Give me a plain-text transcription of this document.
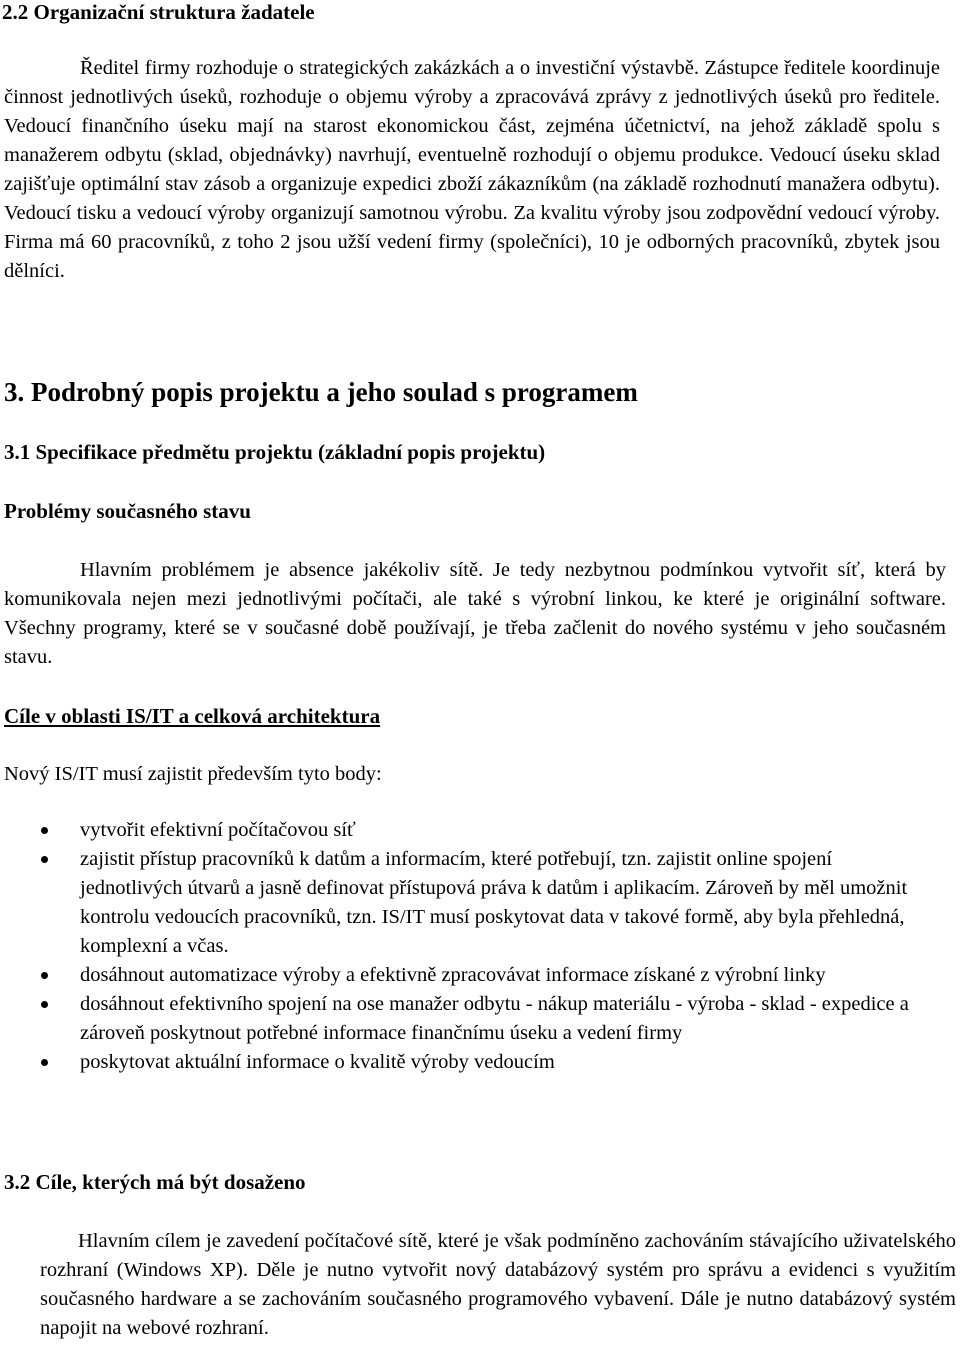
2.2 Organizační struktura žadatele

Ředitel firmy rozhoduje o strategických zakázkách a o investiční výstavbě. Zástupce ředitele koordinuje činnost jednotlivých úseků, rozhoduje o objemu výroby a zpracovává zprávy z jednotlivých úseků pro ředitele. Vedoucí finančního úseku mají na starost ekonomickou část, zejména účetnictví, na jehož základě spolu s manažerem odbytu (sklad, objednávky) navrhují, eventuelně rozhodují o objemu produkce. Vedoucí úseku sklad zajišťuje optimální stav zásob a organizuje expedici zboží zákazníkům (na základě rozhodnutí manažera odbytu). Vedoucí tisku a vedoucí výroby organizují samotnou výrobu. Za kvalitu výroby jsou zodpovědní vedoucí výroby. Firma má 60 pracovníků, z toho 2 jsou užší vedení firmy (společníci), 10 je odborných pracovníků, zbytek jsou dělníci.

3. Podrobný popis projektu a jeho soulad s programem
3.1 Specifikace předmětu projektu (základní popis projektu)
Problémy současného stavu

Hlavním problémem je absence jakékoliv sítě. Je tedy nezbytnou podmínkou vytvořit síť, která by komunikovala nejen mezi jednotlivými počítači, ale také s výrobní linkou, ke které je originální software. Všechny programy, které se v současné době používají, je třeba začlenit do nového systému v jeho současném stavu.

Cíle v oblasti IS/IT a celková architektura

Nový IS/IT musí zajistit především tyto body:

vytvořit efektivní počítačovou síť
zajistit přístup pracovníků k datům a informacím, které potřebují, tzn. zajistit online spojení jednotlivých útvarů a jasně definovat přístupová práva k datům i aplikacím. Zároveň by měl umožnit kontrolu vedoucích pracovníků, tzn. IS/IT musí poskytovat data v takové formě, aby byla přehledná, komplexní a včas.
dosáhnout automatizace výroby a efektivně zpracovávat informace získané z výrobní linky
dosáhnout efektivního spojení na ose manažer odbytu - nákup materiálu - výroba - sklad - expedice a zároveň poskytnout potřebné informace finančnímu úseku a vedení firmy
poskytovat aktuální informace o kvalitě výroby vedoucím
3.2 Cíle, kterých má být dosaženo

Hlavním cílem je zavedení počítačové sítě, které je však podmíněno zachováním stávajícího uživatelského rozhraní (Windows XP). Děle je nutno vytvořit nový databázový systém pro správu a evidenci s využitím současného hardware a se zachováním současného programového vybavení. Dále je nutno databázový systém napojit na webové rozhraní.
